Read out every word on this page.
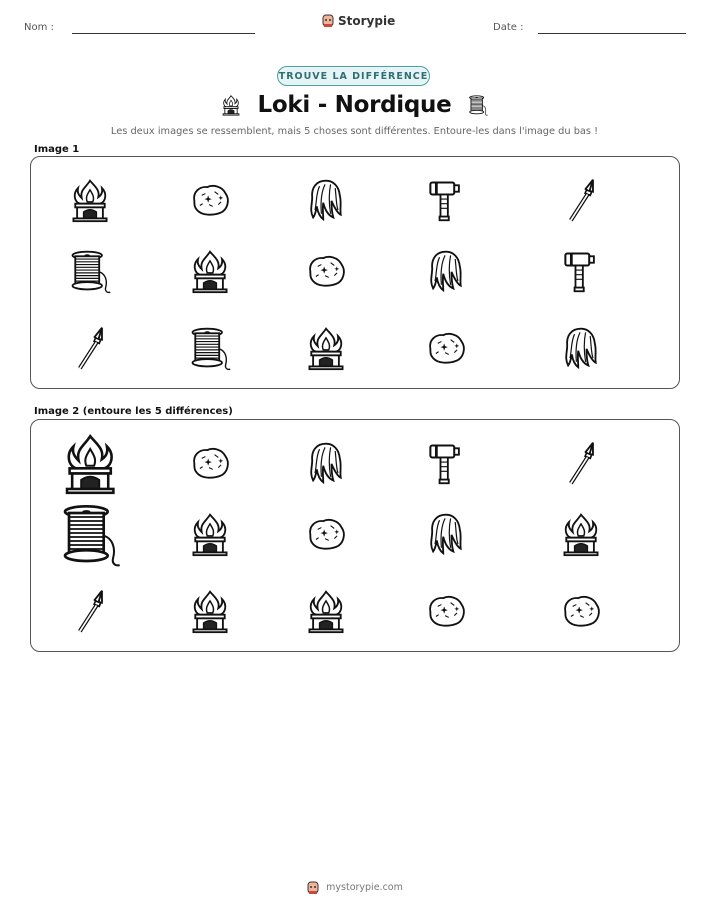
Nom :	Storypie	Date :
TROUVE LA DIFFÉRENCE
Loki - Nordique
Les deux images se ressemblent, mais 5 choses sont différentes. Entoure-les dans l'image du bas !
Image 1
Image 2 (entoure les 5 différences)
mystorypie.com
